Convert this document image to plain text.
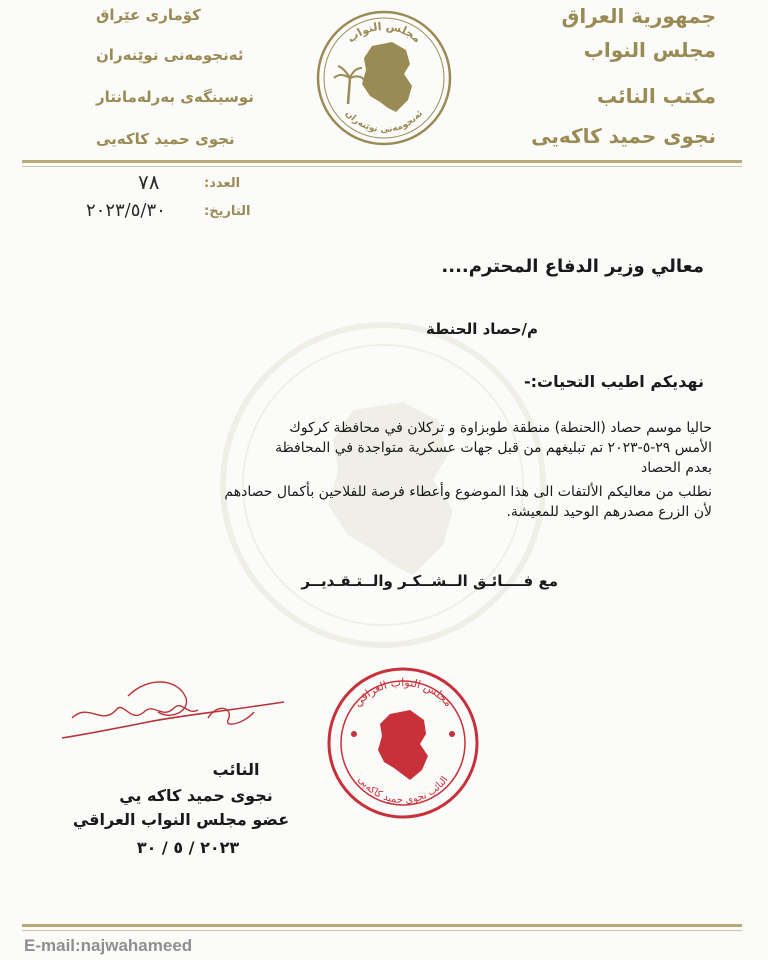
جمهورية العراق
مجلس النواب
مكتب النائب
نجوى حميد كاكەيى
كۆماری عێراق
ئەنجومەنی نوێنەران
نوسینگەی بەرلەمانتار
نجوی حميد كاكەيى
مجلس النواب
ئەنجومەنی نوێنەران
العدد:
٧٨
التاريخ:
٢٠٢٣/٥/٣٠
معالي وزير الدفاع المحترم....
م/حصاد الحنطة
نهديكم اطيب التحيات:-
حاليا موسم حصاد (الحنطة) منطقة طوبزاوة و تركلان في محافظة كركوك
الأمس ٢٩-٥-٢٠٢٣ تم تبليغهم من قبل جهات عسكرية متواجدة في المحافظة
بعدم الحصاد
نطلب من معاليكم الألتفات الى هذا الموضوع وأعطاء فرصة للفلاحين بأكمال حصادهم
لأن الزرع مصدرهم الوحيد للمعيشة.
مع فــــائـق الــشــكـر والــتـقـديــر
النائب
نجوى حميد كاكه يي
عضو مجلس النواب العراقي
٢٠٢٣ / ٥ / ٣٠
مجلس النواب العراقي
النائب نجوى حميد كاكەيى
E-mail:najwahameed
